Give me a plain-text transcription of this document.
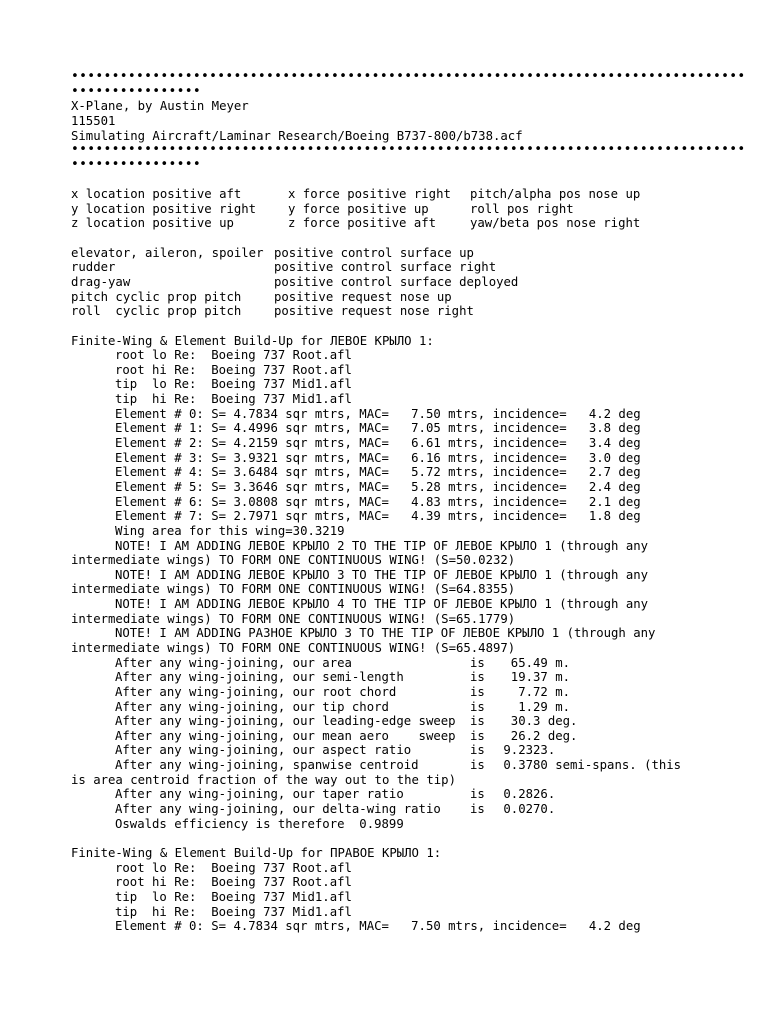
•••••••••••••••••••••••••••••••••••••••••••••••••••••••••••••••••••••••••••••••••••
••••••••••••••••
X-Plane, by Austin Meyer
115501
Simulating Aircraft/Laminar Research/Boeing B737-800/b738.acf
•••••••••••••••••••••••••••••••••••••••••••••••••••••••••••••••••••••••••••••••••••
••••••••••••••••
x location positive aft	x force positive right pitch/alpha pos nose up
y location positive right	y force positive up	roll pos right
z location positive up	z force positive aft	yaw/beta pos nose right
elevator, aileron, spoiler positive control surface up
rudder	positive control surface right
drag-yaw	positive control surface deployed
pitch cyclic prop pitch	positive request nose up
roll  cyclic prop pitch	positive request nose right
Finite-Wing & Element Build-Up for ЛЕВОЕ КРЫЛО 1:
root lo Re:  Boeing 737 Root.afl
root hi Re:  Boeing 737 Root.afl
tip  lo Re:  Boeing 737 Mid1.afl
tip  hi Re:  Boeing 737 Mid1.afl
Element # 0: S= 4.7834 sqr mtrs, MAC=   7.50 mtrs, incidence=   4.2 deg
Element # 1: S= 4.4996 sqr mtrs, MAC=   7.05 mtrs, incidence=   3.8 deg
Element # 2: S= 4.2159 sqr mtrs, MAC=   6.61 mtrs, incidence=   3.4 deg
Element # 3: S= 3.9321 sqr mtrs, MAC=   6.16 mtrs, incidence=   3.0 deg
Element # 4: S= 3.6484 sqr mtrs, MAC=   5.72 mtrs, incidence=   2.7 deg
Element # 5: S= 3.3646 sqr mtrs, MAC=   5.28 mtrs, incidence=   2.4 deg
Element # 6: S= 3.0808 sqr mtrs, MAC=   4.83 mtrs, incidence=   2.1 deg
Element # 7: S= 2.7971 sqr mtrs, MAC=   4.39 mtrs, incidence=   1.8 deg
Wing area for this wing=30.3219
NOTE! I AM ADDING ЛЕВОЕ КРЫЛО 2 TO THE TIP OF ЛЕВОЕ КРЫЛО 1 (through any
intermediate wings) TO FORM ONE CONTINUOUS WING! (S=50.0232)
NOTE! I AM ADDING ЛЕВОЕ КРЫЛО 3 TO THE TIP OF ЛЕВОЕ КРЫЛО 1 (through any
intermediate wings) TO FORM ONE CONTINUOUS WING! (S=64.8355)
NOTE! I AM ADDING ЛЕВОЕ КРЫЛО 4 TO THE TIP OF ЛЕВОЕ КРЫЛО 1 (through any
intermediate wings) TO FORM ONE CONTINUOUS WING! (S=65.1779)
NOTE! I AM ADDING РАЗНОЕ КРЫЛО 3 TO THE TIP OF ЛЕВОЕ КРЫЛО 1 (through any
intermediate wings) TO FORM ONE CONTINUOUS WING! (S=65.4897)
After any wing-joining, our area	is  65.49 m.
After any wing-joining, our semi-length	is  19.37 m.
After any wing-joining, our root chord	is   7.72 m.
After any wing-joining, our tip chord	is   1.29 m.
After any wing-joining, our leading-edge sweep is  30.3 deg.
After any wing-joining, our mean aero    sweep is  26.2 deg.
After any wing-joining, our aspect ratio	is 9.2323.
After any wing-joining, spanwise centroid	is 0.3780 semi-spans. (this
is area centroid fraction of the way out to the tip)
After any wing-joining, our taper ratio	is 0.2826.
After any wing-joining, our delta-wing ratio is 0.0270.
Oswalds efficiency is therefore  0.9899
Finite-Wing & Element Build-Up for ПРАВОЕ КРЫЛО 1:
root lo Re:  Boeing 737 Root.afl
root hi Re:  Boeing 737 Root.afl
tip  lo Re:  Boeing 737 Mid1.afl
tip  hi Re:  Boeing 737 Mid1.afl
Element # 0: S= 4.7834 sqr mtrs, MAC=   7.50 mtrs, incidence=   4.2 deg
